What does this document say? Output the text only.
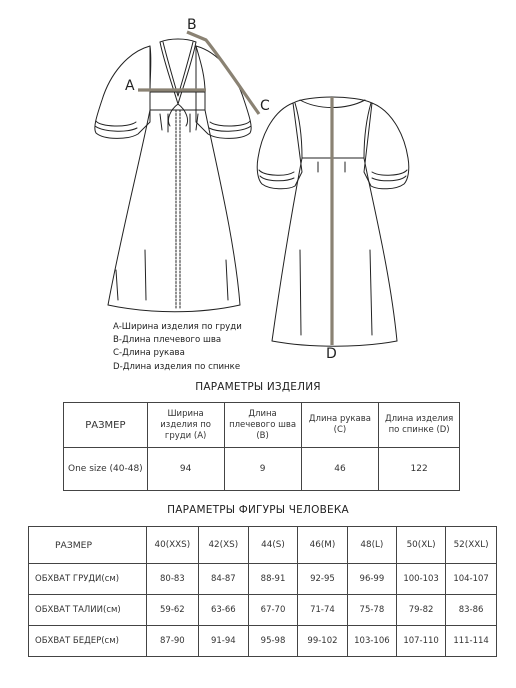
A
B
C
D
A-Ширина изделия по груди
B-Длина плечевого шва
C-Длина рукава
D-Длина изделия по спинке
ПАРАМЕТРЫ ИЗДЕЛИЯ
РАЗМЕР	Ширина изделия по груди (A)	Длина плечевого шва (B)	Длина рукава (C)	Длина изделия по спинке (D)
One size (40-48)	94	9	46	122
ПАРАМЕТРЫ ФИГУРЫ ЧЕЛОВЕКА
РАЗМЕР	40(XXS)	42(XS)	44(S)	46(M)	48(L)	50(XL)	52(XXL)
ОБХВАТ ГРУДИ(см)	80-83	84-87	88-91	92-95	96-99	100-103	104-107
ОБХВАТ ТАЛИИ(см)	59-62	63-66	67-70	71-74	75-78	79-82	83-86
ОБХВАТ БЕДЕР(см)	87-90	91-94	95-98	99-102	103-106	107-110	111-114
